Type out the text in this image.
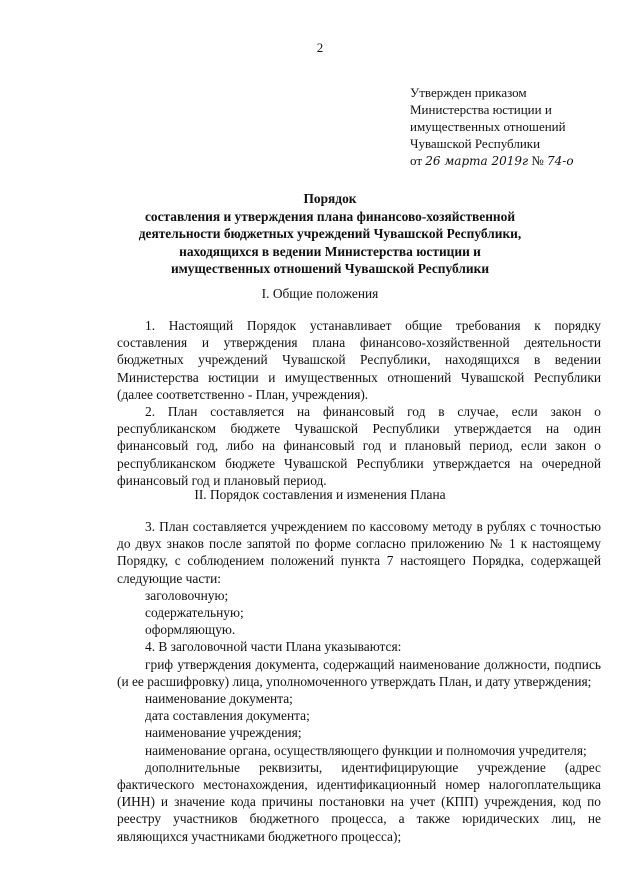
2
Утвержден приказом
Министерства юстиции и
имущественных отношений
Чувашской Республики
от 26 марта 2019г № 74-о
Порядок
составления и утверждения плана финансово-хозяйственной
деятельности бюджетных учреждений Чувашской Республики,
находящихся в ведении Министерства юстиции и
имущественных отношений Чувашской Республики
I. Общие положения

1. Настоящий Порядок устанавливает общие требования к порядку составления и утверждения плана финансово-хозяйственной деятельности бюджетных учреждений Чувашской Республики, находящихся в ведении Министерства юстиции и имущественных отношений Чувашской Республики (далее соответственно - План, учреждения).

2. План составляется на финансовый год в случае, если закон о республиканском бюджете Чувашской Республики утверждается на один финансовый год, либо на финансовый год и плановый период, если закон о республиканском бюджете Чувашской Республики утверждается на очередной финансовый год и плановый период.

II. Порядок составления и изменения Плана

3. План составляется учреждением по кассовому методу в рублях с точностью до двух знаков после запятой по форме согласно приложению № 1 к настоящему Порядку, с соблюдением положений пункта 7 настоящего Порядка, содержащей следующие части:

заголовочную;

содержательную;

оформляющую.

4. В заголовочной части Плана указываются:

гриф утверждения документа, содержащий наименование должности, подпись (и ее расшифровку) лица, уполномоченного утверждать План, и дату утверждения;

наименование документа;

дата составления документа;

наименование учреждения;

наименование органа, осуществляющего функции и полномочия учредителя;

дополнительные реквизиты, идентифицирующие учреждение (адрес фактического местонахождения, идентификационный номер налогоплательщика (ИНН) и значение кода причины постановки на учет (КПП) учреждения, код по реестру участников бюджетного процесса, а также юридических лиц, не являющихся участниками бюджетного процесса);
